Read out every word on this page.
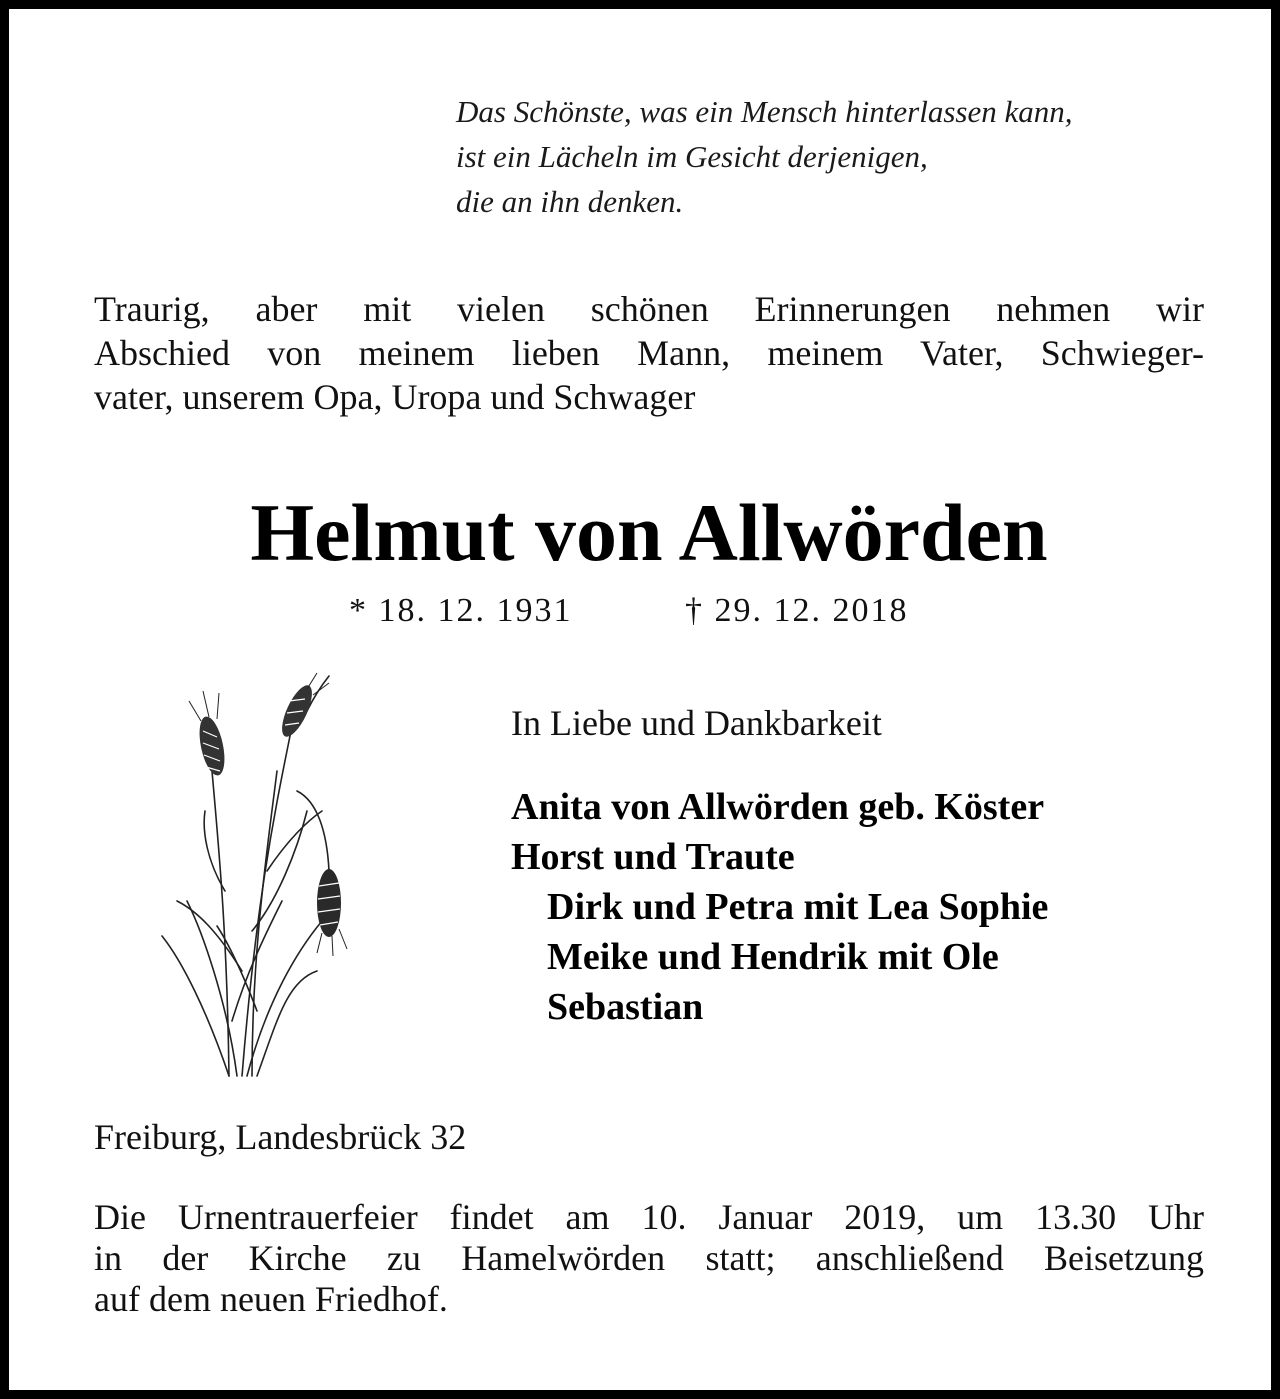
Das Schönste, was ein Mensch hinterlassen kann,
ist ein Lächeln im Gesicht derjenigen,
die an ihn denken.
Traurig, aber mit vielen schönen Erinnerungen nehmen wir
Abschied von meinem lieben Mann, meinem Vater, Schwieger-
vater, unserem Opa, Uropa und Schwager
Helmut von Allwörden
* 18. 12. 1931	† 29. 12. 2018
In Liebe und Dankbarkeit
Anita von Allwörden geb. Köster
Horst und Traute
Dirk und Petra mit Lea Sophie
Meike und Hendrik mit Ole
Sebastian
Freiburg, Landesbrück 32
Die Urnentrauerfeier findet am 10. Januar 2019, um 13.30 Uhr
in der Kirche zu Hamelwörden statt; anschließend Beisetzung
auf dem neuen Friedhof.
